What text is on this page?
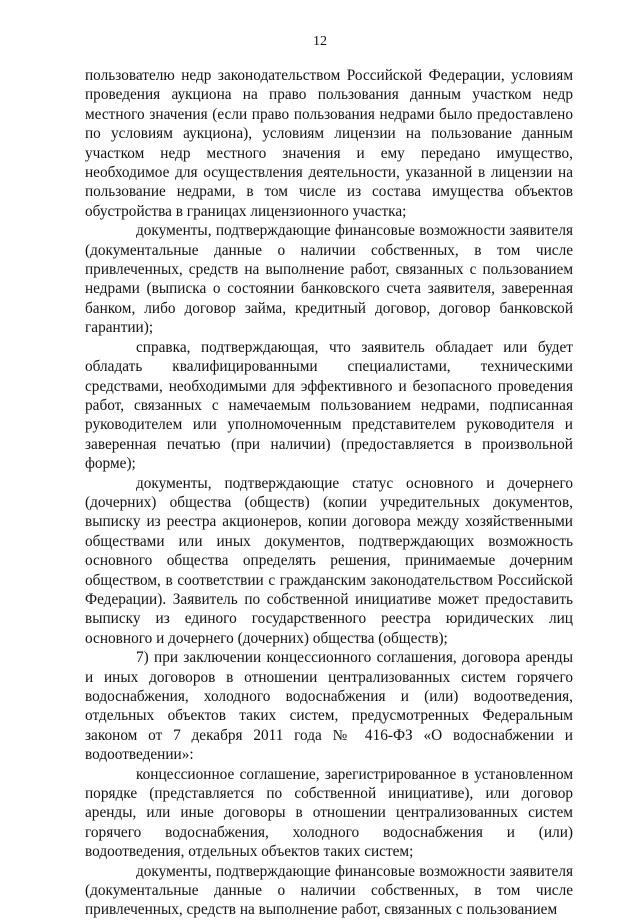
12

пользователю недр законодательством Российской Федерации, условиям проведения аукциона на право пользования данным участком недр местного значения (если право пользования недрами было предоставлено по условиям аукциона), условиям лицензии на пользование данным участком недр местного значения и ему передано имущество, необходимое для осуществления деятельности, указанной в лицензии на пользование недрами, в том числе из состава имущества объектов обустройства в границах лицензионного участка;

документы, подтверждающие финансовые возможности заявителя (документальные данные о наличии собственных, в том числе привлеченных, средств на выполнение работ, связанных с пользованием недрами (выписка о состоянии банковского счета заявителя, заверенная банком, либо договор займа, кредитный договор, договор банковской гарантии);

справка, подтверждающая, что заявитель обладает или будет обладать квалифицированными специалистами, техническими средствами, необходимыми для эффективного и безопасного проведения работ, связанных с намечаемым пользованием недрами, подписанная руководителем или уполномоченным представителем руководителя и заверенная печатью (при наличии) (предоставляется в произвольной форме);

документы, подтверждающие статус основного и дочернего (дочерних) общества (обществ) (копии учредительных документов, выписку из реестра акционеров, копии договора между хозяйственными обществами или иных документов, подтверждающих возможность основного общества определять решения, принимаемые дочерним обществом, в соответствии с гражданским законодательством Российской Федерации). Заявитель по собственной инициативе может предоставить выписку из единого государственного реестра юридических лиц основного и дочернего (дочерних) общества (обществ);

7) при заключении концессионного соглашения, договора аренды и иных договоров в отношении централизованных систем горячего водоснабжения, холодного водоснабжения и (или) водоотведения, отдельных объектов таких систем, предусмотренных Федеральным законом от 7 декабря 2011 года № 416-ФЗ «О водоснабжении и водоотведении»:

концессионное соглашение, зарегистрированное в установленном порядке (представляется по собственной инициативе), или договор аренды, или иные договоры в отношении централизованных систем горячего водоснабжения, холодного водоснабжения и (или) водоотведения, отдельных объектов таких систем;

документы, подтверждающие финансовые возможности заявителя (документальные данные о наличии собственных, в том числе привлеченных, средств на выполнение работ, связанных с пользованием
